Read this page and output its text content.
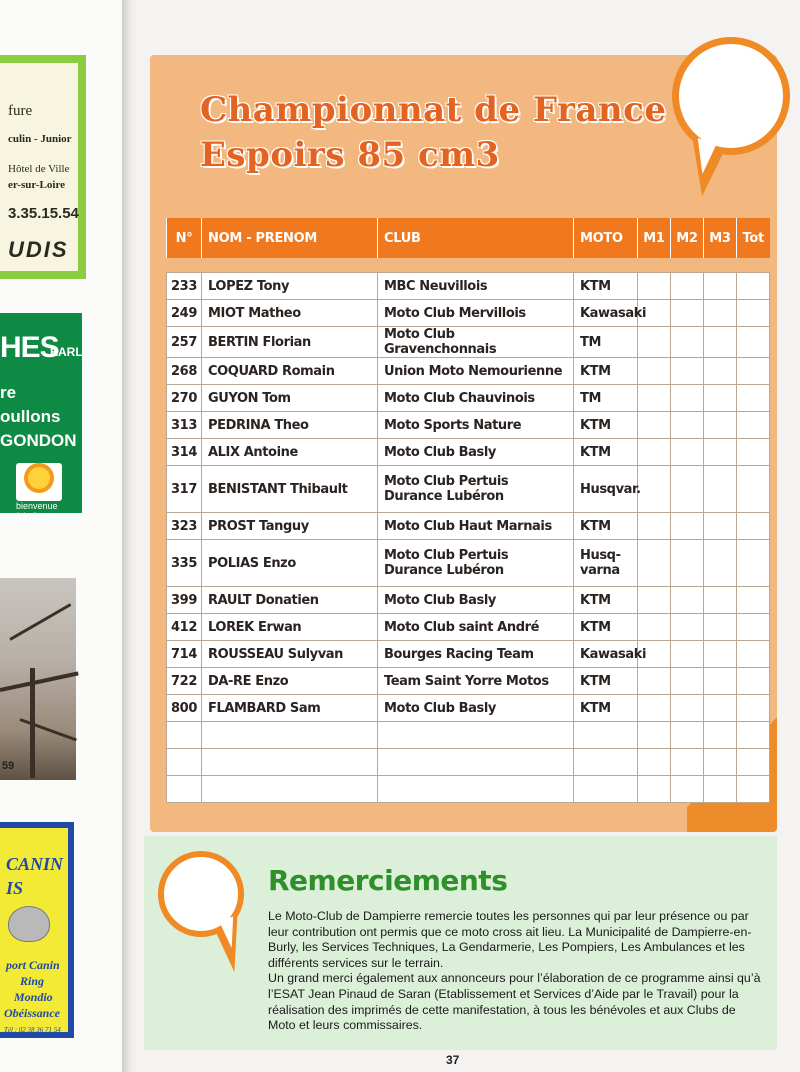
fure
culin - Junior
Hôtel de Ville
er-sur-Loire
3.35.15.54
UDIS
HES
EARL
re
oullons
GONDON
bienvenue
à la ferme
59
CANIN
IS
port Canin
Ring
Mondio
Obéissance
Tél : 02 38 36 71 54
Championnat de France
Espoirs 85 cm3
N°	NOM - PRENOM	CLUB	MOTO	M1	M2	M3	Tot

233	LOPEZ Tony	MBC Neuvillois	KTM				
249	MIOT Matheo	Moto Club Mervillois	Kawasaki				
257	BERTIN Florian	Moto Club Gravenchonnais	TM				
268	COQUARD Romain	Union Moto Nemourienne	KTM				
270	GUYON Tom	Moto Club Chauvinois	TM				
313	PEDRINA Theo	Moto Sports Nature	KTM				
314	ALIX Antoine	Moto Club Basly	KTM				
317	BENISTANT Thibault	Moto Club Pertuis Durance Lubéron	Husqvar.				
323	PROST Tanguy	Moto Club Haut Marnais	KTM				
335	POLIAS Enzo	Moto Club Pertuis Durance Lubéron	Husq-varna				
399	RAULT Donatien	Moto Club Basly	KTM				
412	LOREK Erwan	Moto Club saint André	KTM				
714	ROUSSEAU Sulyvan	Bourges Racing Team	Kawasaki				
722	DA-RE Enzo	Team Saint Yorre Motos	KTM				
800	FLAMBARD Sam	Moto Club Basly	KTM				

Remerciements

Le Moto-Club de Dampierre remercie toutes les personnes qui par leur présence ou par leur contribution ont permis que ce moto cross ait lieu. La Municipalité de Dampierre-en-Burly, les Services Techniques, La Gendarmerie, Les Pompiers, Les Ambulances et les différents services sur le terrain.

Un grand merci également aux annonceurs pour l’élaboration de ce programme ainsi qu’à l’ESAT Jean Pinaud de Saran (Etablissement et Services d’Aide par le Travail) pour la réalisation des imprimés de cette manifestation, à tous les bénévoles et aux Clubs de Moto et leurs commissaires.

37
